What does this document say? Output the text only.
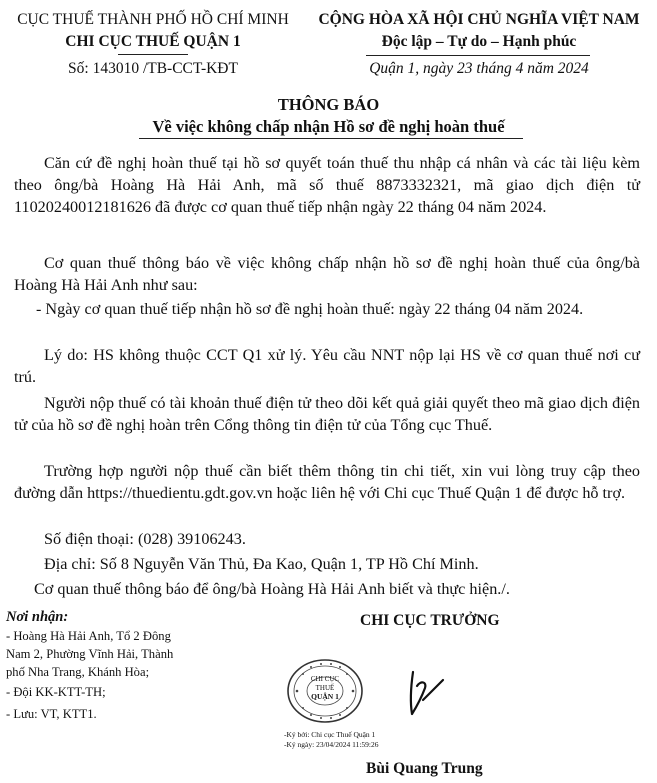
CỤC THUẾ THÀNH PHỐ HỒ CHÍ MINH
CHI CỤC THUẾ QUẬN 1
Số: 143010 /TB-CCT-KĐT
CỘNG HÒA XÃ HỘI CHỦ NGHĨA VIỆT NAM
Độc lập – Tự do – Hạnh phúc
Quận 1, ngày 23 tháng 4 năm 2024
THÔNG BÁO
Về việc không chấp nhận Hồ sơ đề nghị hoàn thuế
Căn cứ đề nghị hoàn thuế tại hồ sơ quyết toán thuế thu nhập cá nhân và các tài liệu kèm theo ông/bà Hoàng Hà Hải Anh, mã số thuế 8873332321, mã giao dịch điện tử 11020240012181626 đã được cơ quan thuế tiếp nhận ngày 22 tháng 04 năm 2024.
Cơ quan thuế thông báo về việc không chấp nhận hồ sơ đề nghị hoàn thuế của ông/bà Hoàng Hà Hải Anh như sau:
- Ngày cơ quan thuế tiếp nhận hồ sơ đề nghị hoàn thuế: ngày 22 tháng 04 năm 2024.
Lý do: HS không thuộc CCT Q1 xử lý. Yêu cầu NNT nộp lại HS về cơ quan thuế nơi cư trú.
Người nộp thuế có tài khoản thuế điện tử theo dõi kết quả giải quyết theo mã giao dịch điện tử của hồ sơ đề nghị hoàn trên Cổng thông tin điện tử của Tổng cục Thuế.
Trường hợp người nộp thuế cần biết thêm thông tin chi tiết, xin vui lòng truy cập theo đường dẫn https://thuedientu.gdt.gov.vn hoặc liên hệ với Chi cục Thuế Quận 1 để được hỗ trợ.
Số điện thoại: (028) 39106243.
Địa chỉ: Số 8 Nguyễn Văn Thủ, Đa Kao, Quận 1, TP Hồ Chí Minh.
Cơ quan thuế thông báo để ông/bà Hoàng Hà Hải Anh biết và thực hiện./.
Nơi nhận:
- Hoàng Hà Hải Anh, Tổ 2 Đông
Nam 2, Phường Vĩnh Hải, Thành
phố Nha Trang, Khánh Hòa;
- Đội KK-KTT-TH;
- Lưu: VT, KTT1.
CHI CỤC TRƯỞNG
CHI CỤC
THUẾ
QUẬN 1
-Ký bởi: Chi cục Thuế Quận 1
-Ký ngày: 23/04/2024 11:59:26
Bùi Quang Trung
